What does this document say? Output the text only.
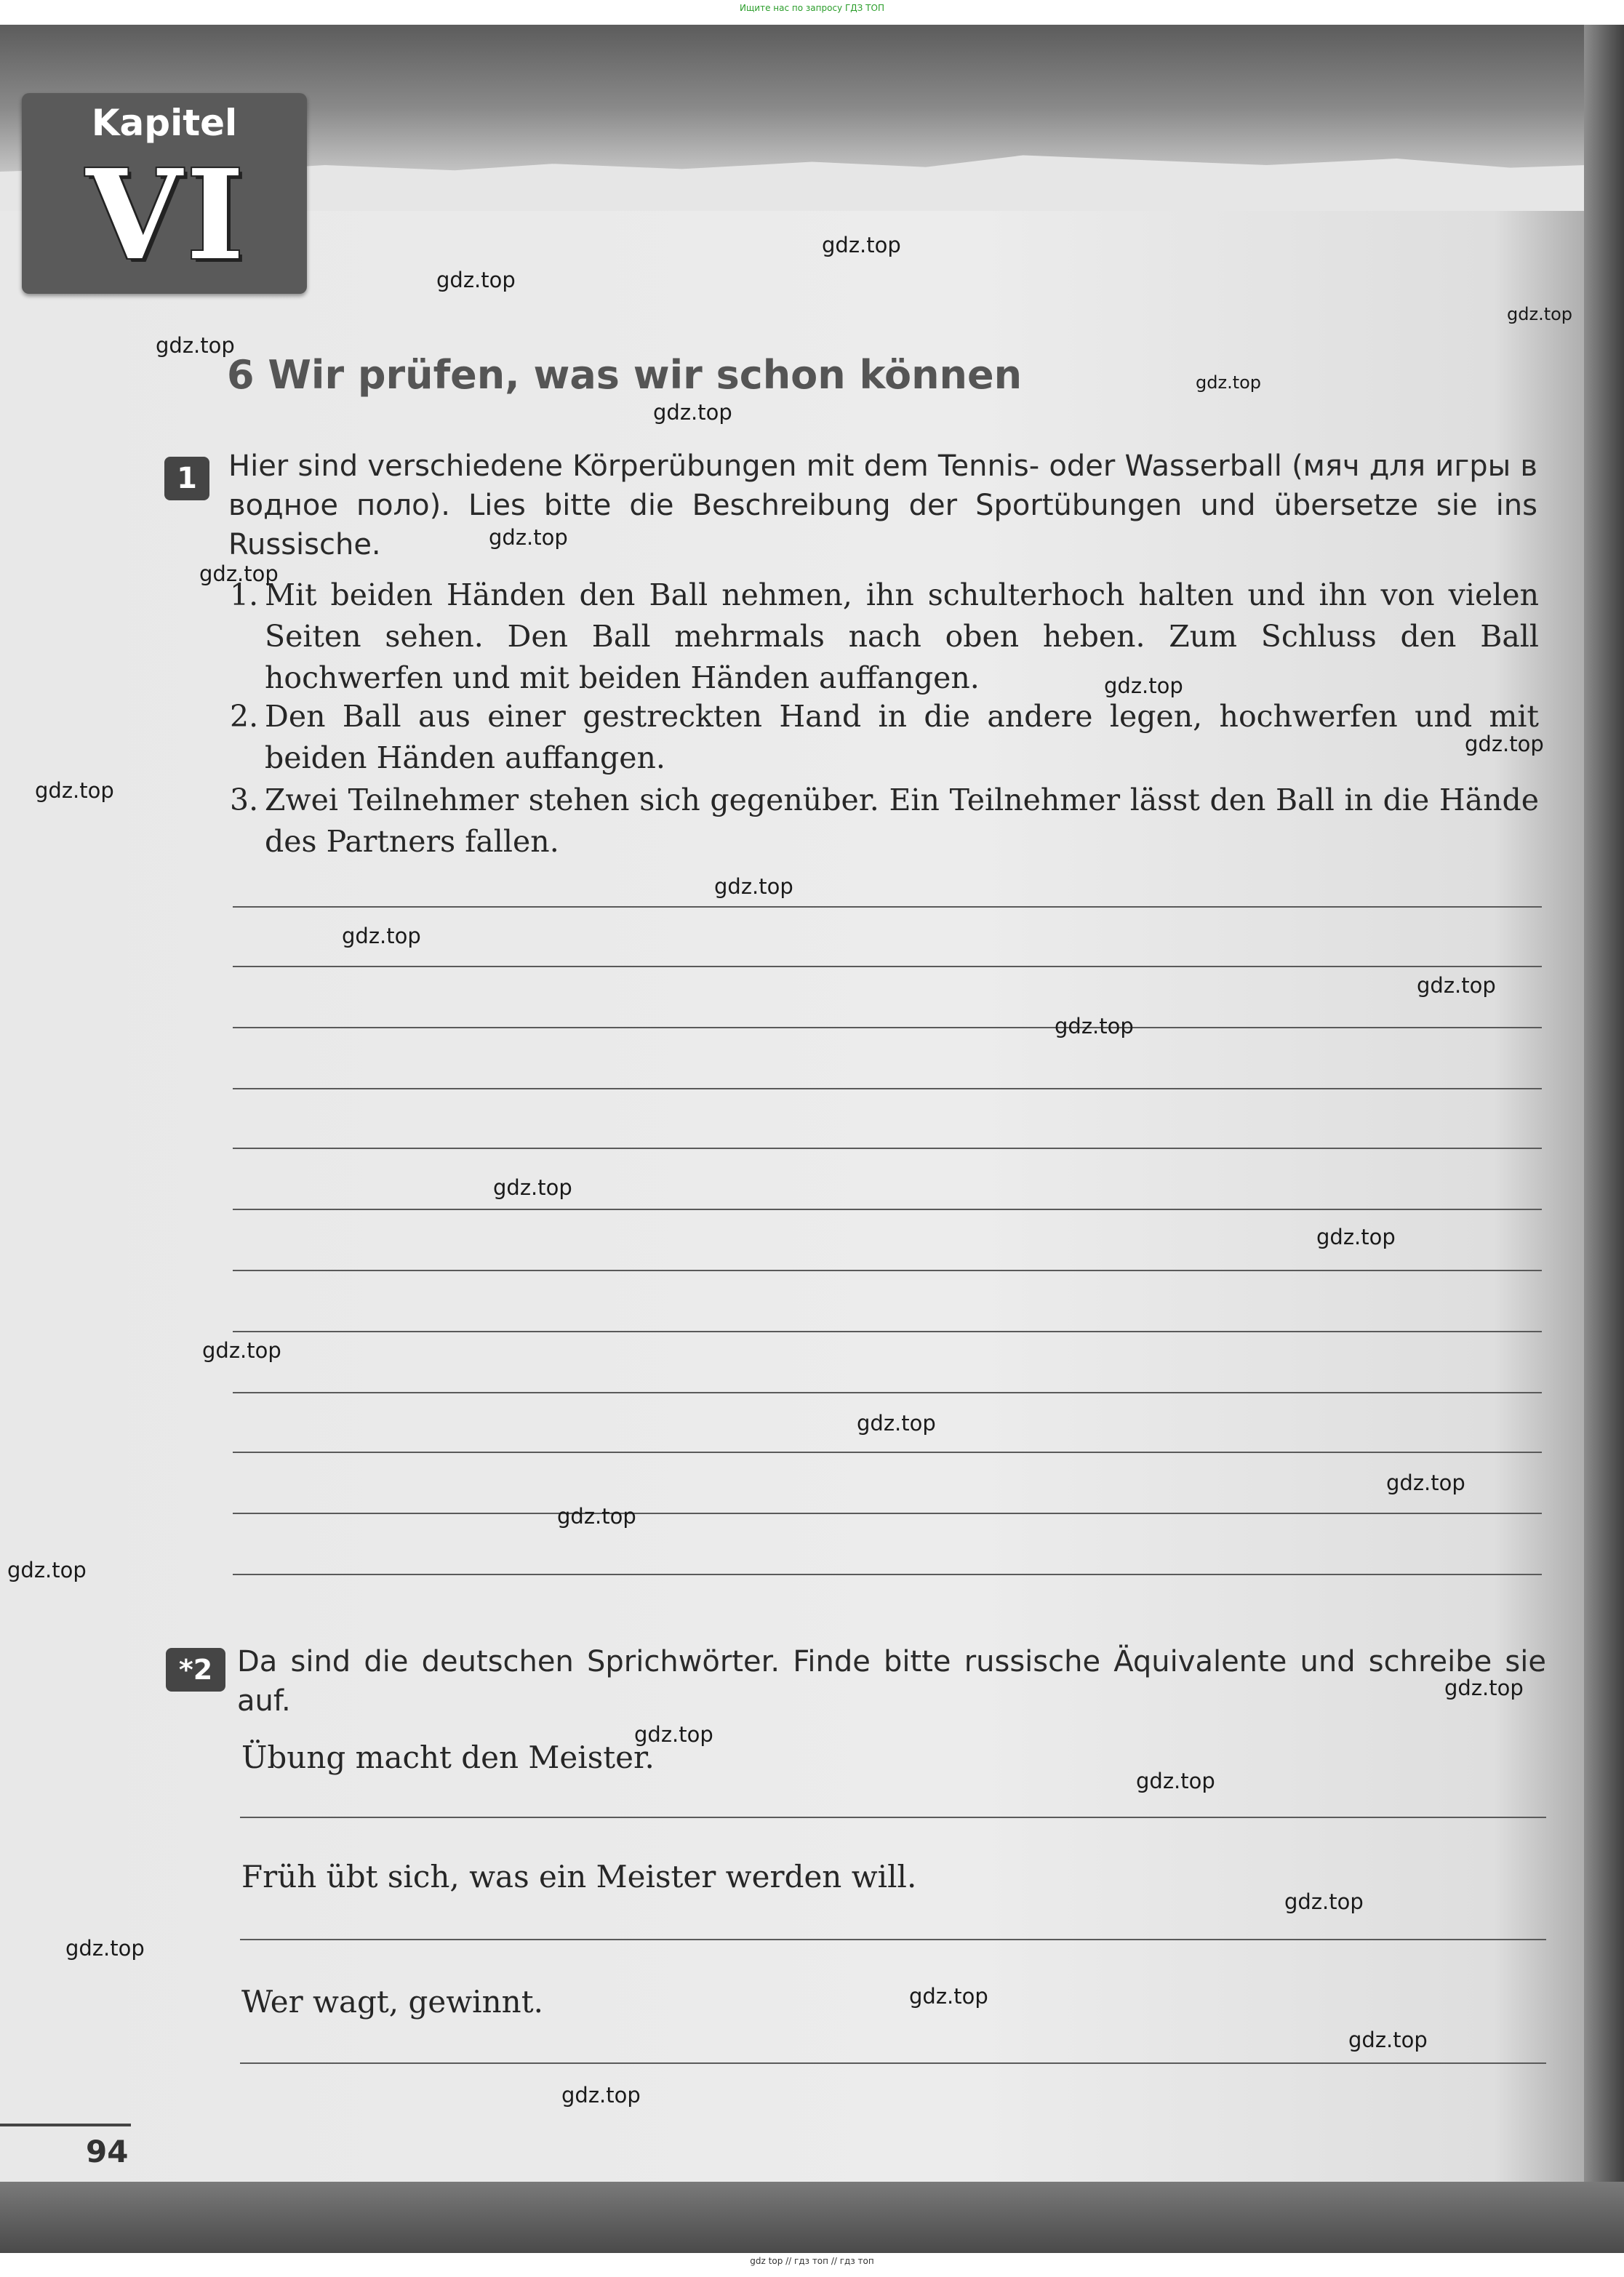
Ищите нас по запросу ГДЗ ТОП
Kapitel
VI
6 Wir prüfen, was wir schon können
1	Hier sind verschiedene Körperübungen mit dem Tennis- oder Wasserball (мяч для игры в водное поло). Lies bitte die Beschreibung der Sportübungen und übersetze sie ins Russische.
1. Mit beiden Händen den Ball nehmen, ihn schulterhoch halten und ihn von vielen Seiten sehen. Den Ball mehrmals nach oben heben. Zum Schluss den Ball hochwerfen und mit beiden Händen auffangen.
2. Den Ball aus einer gestreckten Hand in die andere legen, hochwerfen und mit beiden Händen auffangen.
3. Zwei Teilnehmer stehen sich gegenüber. Ein Teilnehmer lässt den Ball in die Hände des Partners fallen.
*2 Da sind die deutschen Sprichwörter. Finde bitte russische Äquivalente und schreibe sie auf.
Übung macht den Meister.
Früh übt sich, was ein Meister werden will.
Wer wagt, gewinnt.
94
gdz top // гдз топ // гдз топ
gdz.top
gdz.top
gdz.top
gdz.top
gdz.top
gdz.top
gdz.top
gdz.top
gdz.top
gdz.top
gdz.top
gdz.top
gdz.top
gdz.top
gdz.top
gdz.top
gdz.top
gdz.top
gdz.top
gdz.top
gdz.top
gdz.top
gdz.top
gdz.top
gdz.top
gdz.top
gdz.top
gdz.top
gdz.top
gdz.top
